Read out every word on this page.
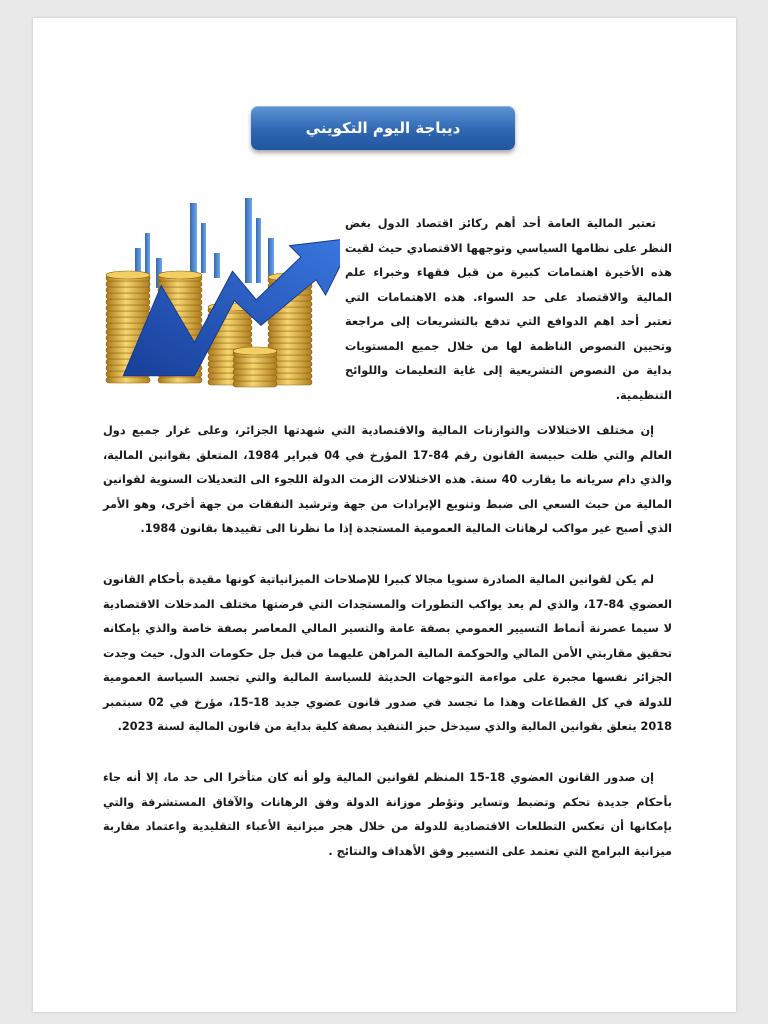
ديباجة اليوم التكويني

تعتبر المالية العامة أحد أهم ركائز اقتصاد الدول بغض النظر على نظامها السياسي وتوجهها الاقتصادي حيث لقيت هذه الأخيرة اهتمامات كبيرة من قبل فقهاء وخبراء علم المالية والاقتصاد على حد السواء. هذه الاهتمامات التي تعتبر أحد اهم الدوافع التي تدفع بالتشريعات إلى مراجعة وتحيين النصوص الناظمة لها من خلال جميع المستويات بداية من النصوص التشريعية إلى غاية التعليمات واللوائح التنظيمية.

إن مختلف الاختلالات والتوازنات المالية والاقتصادية التي شهدتها الجزائر، وعلى غرار جميع دول العالم والتي ظلت حبيسة القانون رقم 84-17 المؤرخ في 04 فبراير 1984، المتعلق بقوانين المالية، والذي دام سريانه ما يقارب 40 سنة. هذه الاختلالات الزمت الدولة اللجوء الى التعديلات السنوية لقوانين المالية من حيث السعي الى ضبط وتنويع الإيرادات من جهة وترشيد النفقات من جهة أخرى، وهو الأمر الذي أصبح غير مواكب لرهانات المالية العمومية المستجدة إذا ما نظرنا الى تقييدها بقانون 1984.

لم يكن لقوانين المالية الصادرة سنويا مجالا كبيرا للإصلاحات الميزانياتية كونها مقيدة بأحكام القانون العضوي 84-17، والذي لم يعد يواكب التطورات والمستجدات التي فرضتها مختلف المدخلات الاقتصادية لا سيما عصرنة أنماط التسيير العمومي بصفة عامة والتسير المالي المعاصر بصفة خاصة والذي بإمكانه تحقيق مقاربتي الأمن المالي والحوكمة المالية المراهن عليهما من قبل جل حكومات الدول. حيث وجدت الجزائر نفسها مجبرة على مواءمة التوجهات الحديثة للسياسة المالية والتي تجسد السياسة العمومية للدولة في كل القطاعات وهذا ما تجسد في صدور قانون عضوي جديد 18-15، مؤرخ في 02 سبتمبر 2018 يتعلق بقوانين المالية والذي سيدخل حيز التنفيذ بصفة كلية بداية من قانون المالية لسنة 2023.

إن صدور القانون العضوي 18-15 المنظم لقوانين المالية ولو أنه كان متأخرا الى حد ما، إلا أنه جاء بأحكام جديدة تحكم وتضبط وتساير وتؤطر موزانة الدولة وفق الرهانات والآفاق المستشرفة والتي بإمكانها أن تعكس التطلعات الاقتصادية للدولة من خلال هجر ميزانية الأعباء التقليدية واعتماد مقاربة ميزانية البرامج التي تعتمد على التسيير وفق الأهداف والنتائج .
